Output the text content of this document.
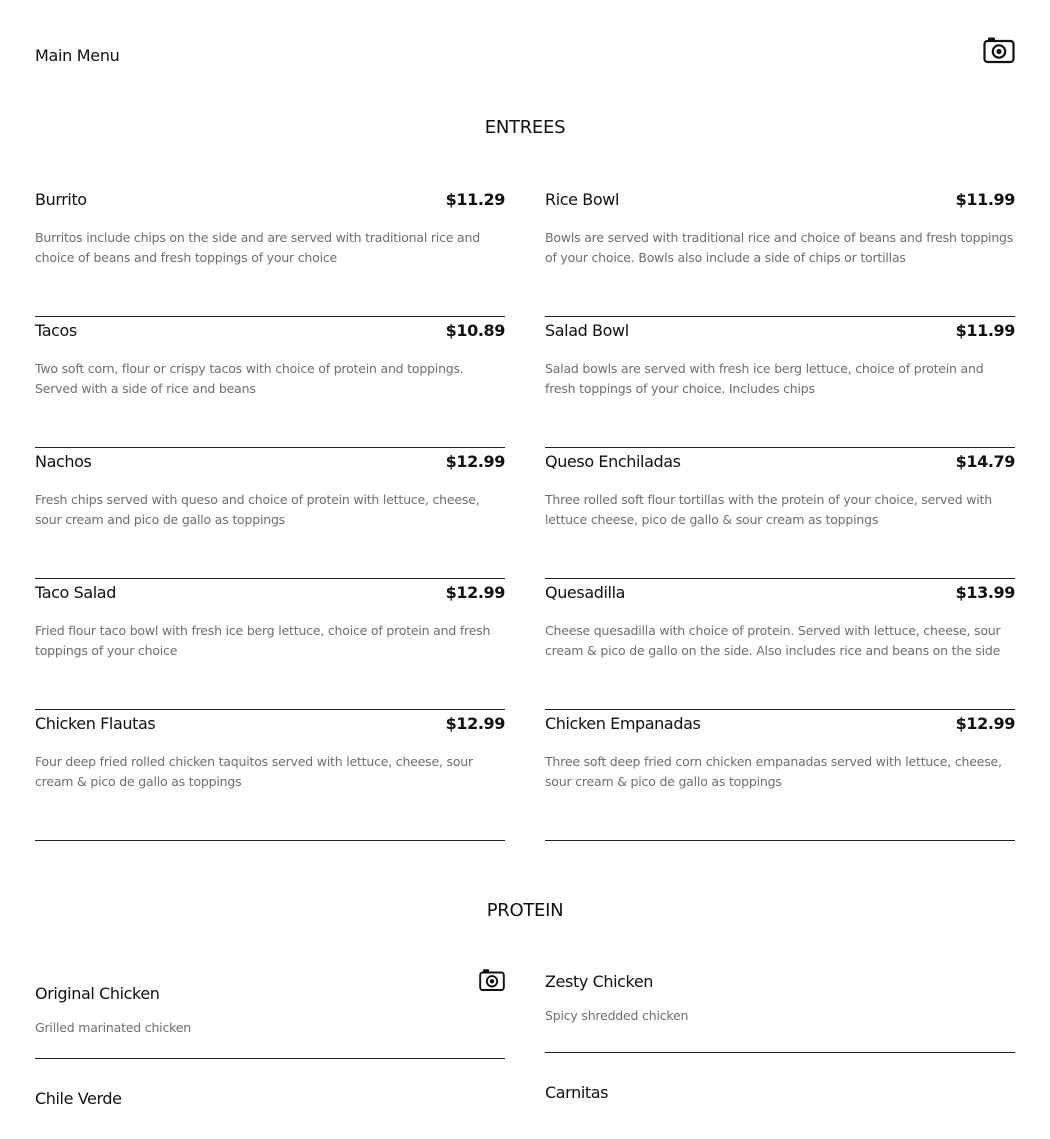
Main Menu
ENTREES
Burrito	$11.29
Burritos include chips on the side and are served with traditional rice and choice of beans and fresh toppings of your choice
Rice Bowl	$11.99
Bowls are served with traditional rice and choice of beans and fresh toppings of your choice. Bowls also include a side of chips or tortillas
Tacos	$10.89
Two soft corn, flour or crispy tacos with choice of protein and toppings. Served with a side of rice and beans
Salad Bowl	$11.99
Salad bowls are served with fresh ice berg lettuce, choice of protein and fresh toppings of your choice. Includes chips
Nachos	$12.99
Fresh chips served with queso and choice of protein with lettuce, cheese, sour cream and pico de gallo as toppings
Queso Enchiladas	$14.79
Three rolled soft flour tortillas with the protein of your choice, served with lettuce cheese, pico de gallo & sour cream as toppings
Taco Salad	$12.99
Fried flour taco bowl with fresh ice berg lettuce, choice of protein and fresh toppings of your choice
Quesadilla	$13.99
Cheese quesadilla with choice of protein. Served with lettuce, cheese, sour cream & pico de gallo on the side. Also includes rice and beans on the side
Chicken Flautas	$12.99
Four deep fried rolled chicken taquitos served with lettuce, cheese, sour cream & pico de gallo as toppings
Chicken Empanadas	$12.99
Three soft deep fried corn chicken empanadas served with lettuce, cheese, sour cream & pico de gallo as toppings
PROTEIN
Original Chicken
Grilled marinated chicken
Chile Verde
Zesty Chicken
Spicy shredded chicken
Carnitas
